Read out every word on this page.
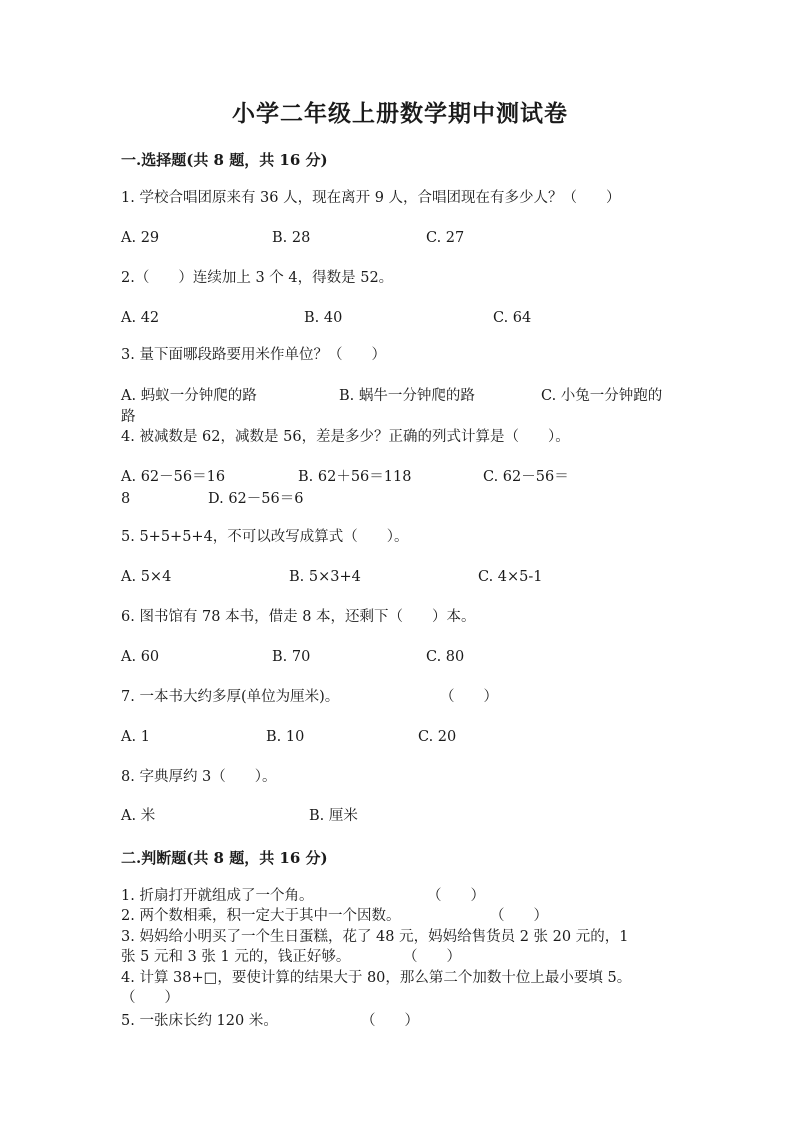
小学二年级上册数学期中测试卷
一.选择题(共 8 题，共 16 分)
1. 学校合唱团原来有 36 人，现在离开 9 人，合唱团现在有多少人？（　　）
A. 29	B. 28	C. 27
2.（　　）连续加上 3 个 4，得数是 52。
A. 42	B. 40	C. 64
3. 量下面哪段路要用米作单位？（　　）
A. 蚂蚁一分钟爬的路	B. 蜗牛一分钟爬的路	C. 小兔一分钟跑的
路
4. 被减数是 62，减数是 56，差是多少？正确的列式计算是（　　）。
A. 62－56＝16	B. 62＋56＝118	C. 62－56＝
8	D. 62－56＝6
5. 5+5+5+4，不可以改写成算式（　　）。
A. 5×4	B. 5×3+4	C. 4×5-1
6. 图书馆有 78 本书，借走 8 本，还剩下（　　）本。
A. 60	B. 70	C. 80
7. 一本书大约多厚(单位为厘米)。	（　　）
A. 1	B. 10	C. 20
8. 字典厚约 3（　　）。
A. 米	B. 厘米
二.判断题(共 8 题，共 16 分)
1. 折扇打开就组成了一个角。	（　　）
2. 两个数相乘，积一定大于其中一个因数。	（　　）
3. 妈妈给小明买了一个生日蛋糕，花了 48 元，妈妈给售货员 2 张 20 元的，1
张 5 元和 3 张 1 元的，钱正好够。	（　　）
4. 计算 38+□，要使计算的结果大于 80，那么第二个加数十位上最小要填 5。
（　　）
5. 一张床长约 120 米。	（　　）
